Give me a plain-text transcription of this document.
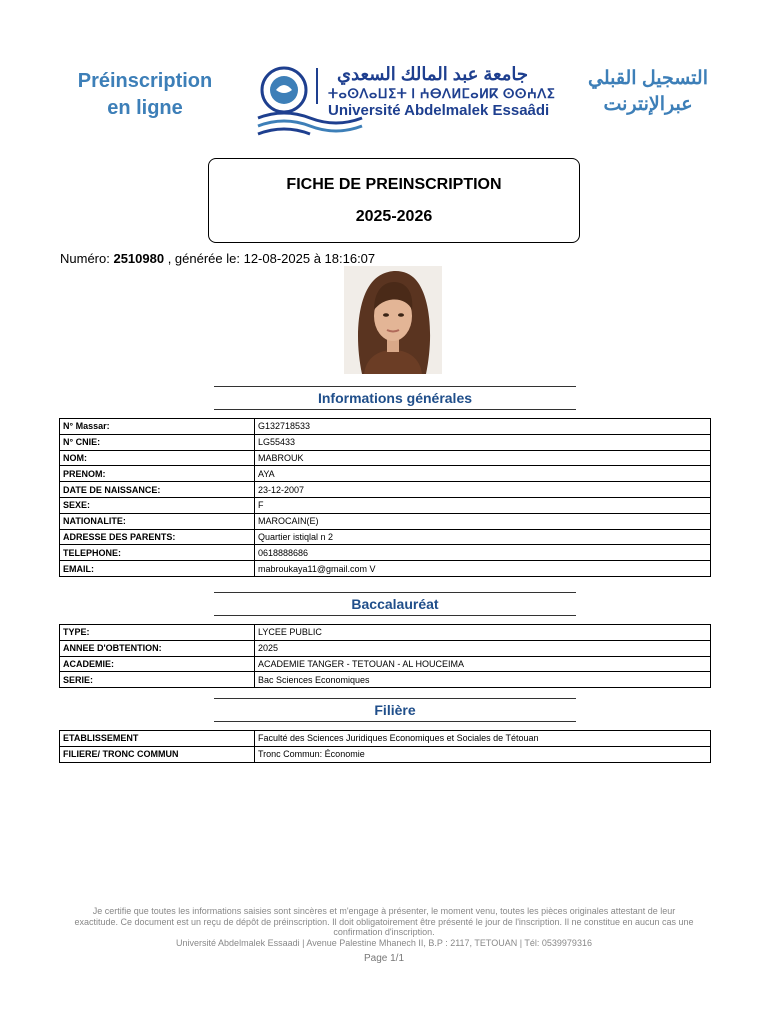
Préinscription
en ligne
جامعة عبد المالك السعدي
ⵜⴰⵙⴷⴰⵡⵉⵜ ⵏ ⵄⴱⴷⵍⵎⴰⵍⴽ ⵙⵙⵄⴷⵉ
Université Abdelmalek Essaâdi
التسجيل القبلي
عبرالإنترنت
FICHE DE PREINSCRIPTION
2025-2026
Numéro: 2510980 , générée le: 12-08-2025 à 18:16:07
Informations générales
N° Massar:	G132718533
N° CNIE:	LG55433
NOM:	MABROUK
PRENOM:	AYA
DATE DE NAISSANCE:	23-12-2007
SEXE:	F
NATIONALITE:	MAROCAIN(E)
ADRESSE DES PARENTS:	Quartier istiqlal n 2
TELEPHONE:	0618888686
EMAIL:	mabroukaya11@gmail.com V
Baccalauréat
TYPE:	LYCEE PUBLIC
ANNEE D'OBTENTION:	2025
ACADEMIE:	ACADEMIE TANGER - TETOUAN - AL HOUCEIMA
SERIE:	Bac Sciences Economiques
Filière
ETABLISSEMENT	Faculté des Sciences Juridiques Economiques et Sociales de Tétouan
FILIERE/ TRONC COMMUN	Tronc Commun: Économie
Je certifie que toutes les informations saisies sont sincères et m'engage à présenter, le moment venu, toutes les pièces originales attestant de leur
exactitude. Ce document est un reçu de dépôt de préinscription. Il doit obligatoirement être présenté le jour de l'inscription. Il ne constitue en aucun cas une
confirmation d'inscription.
Université Abdelmalek Essaadi | Avenue Palestine Mhanech II, B.P : 2117, TETOUAN | Tél: 0539979316
Page 1/1
